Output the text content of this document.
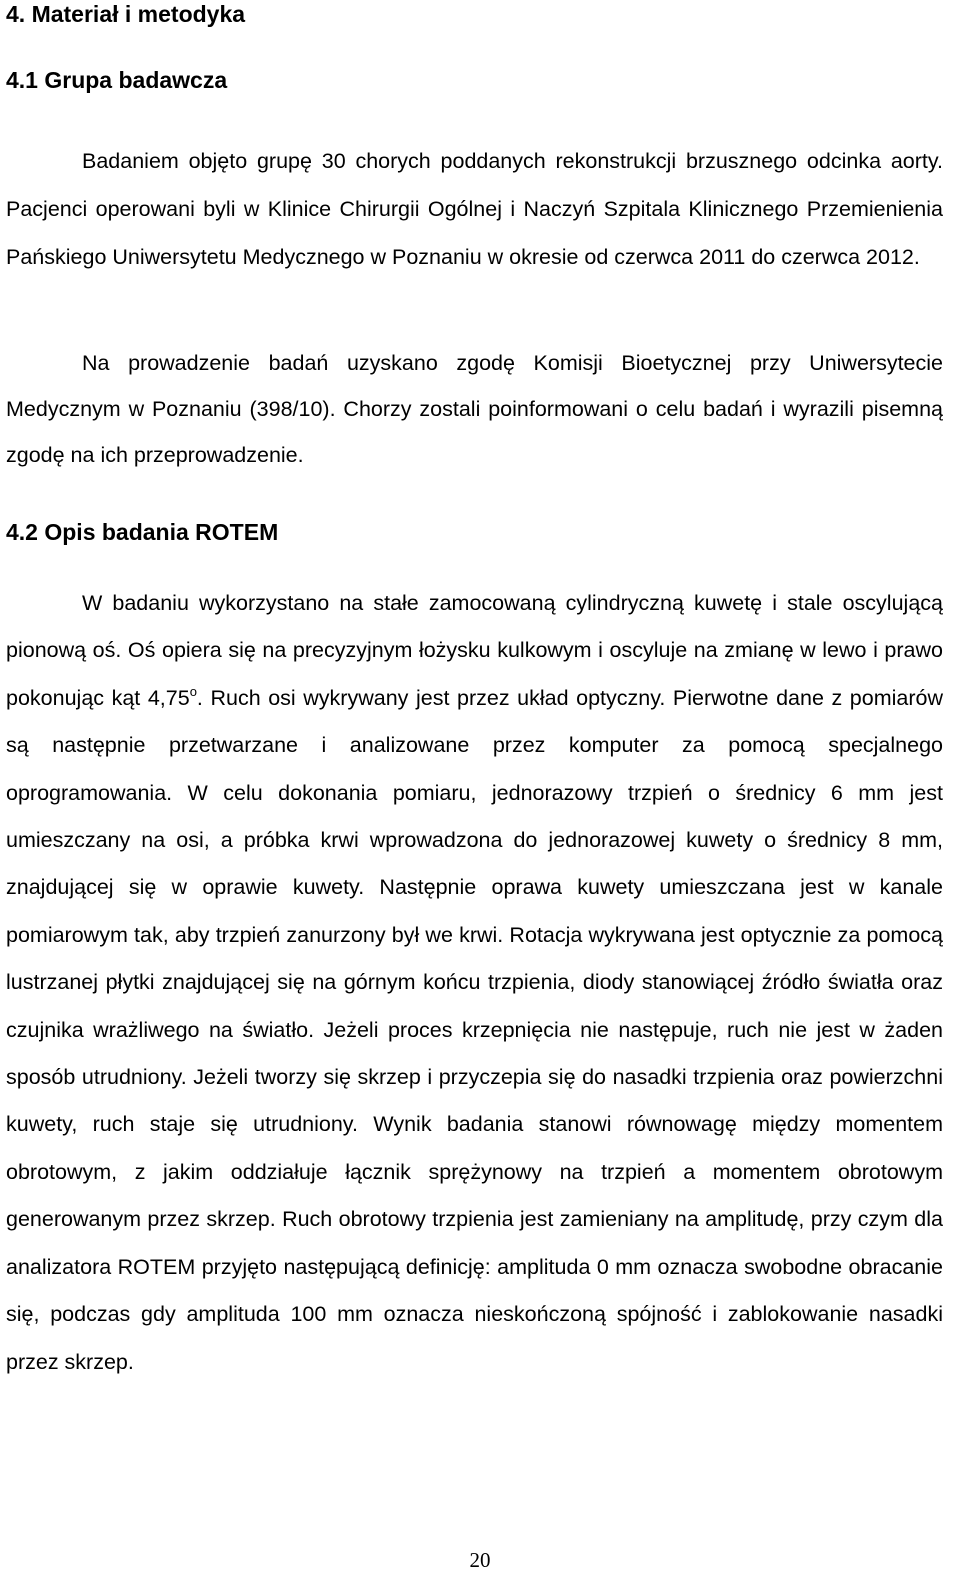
4. Materiał i metodyka
4.1 Grupa badawcza
Badaniem objęto grupę 30 chorych poddanych rekonstrukcji brzusznego odcinka aorty. Pacjenci operowani byli w Klinice Chirurgii Ogólnej i Naczyń Szpitala Klinicznego Przemienienia Pańskiego Uniwersytetu Medycznego w Poznaniu w okresie od czerwca 2011 do czerwca 2012.
Na prowadzenie badań uzyskano zgodę Komisji Bioetycznej przy Uniwersytecie Medycznym w Poznaniu (398/10). Chorzy zostali poinformowani o celu badań i wyrazili pisemną zgodę na ich przeprowadzenie.
4.2 Opis badania ROTEM
W badaniu wykorzystano na stałe zamocowaną cylindryczną kuwetę i stale oscylującą pionową oś. Oś opiera się na precyzyjnym łożysku kulkowym i oscyluje na zmianę w lewo i prawo pokonując kąt 4,75$^o$. Ruch osi wykrywany jest przez układ optyczny. Pierwotne dane z pomiarów są następnie przetwarzane i analizowane przez komputer za pomocą specjalnego oprogramowania. W celu dokonania pomiaru, jednorazowy trzpień o średnicy 6 mm jest umieszczany na osi, a próbka krwi wprowadzona do jednorazowej kuwety o średnicy 8 mm, znajdującej się w oprawie kuwety. Następnie oprawa kuwety umieszczana jest w kanale pomiarowym tak, aby trzpień zanurzony był we krwi. Rotacja wykrywana jest optycznie za pomocą lustrzanej płytki znajdującej się na górnym końcu trzpienia, diody stanowiącej źródło światła oraz czujnika wrażliwego na światło. Jeżeli proces krzepnięcia nie następuje, ruch nie jest w żaden sposób utrudniony. Jeżeli tworzy się skrzep i przyczepia się do nasadki trzpienia oraz powierzchni kuwety, ruch staje się utrudniony. Wynik badania stanowi równowagę między momentem obrotowym, z jakim oddziałuje łącznik sprężynowy na trzpień a momentem obrotowym generowanym przez skrzep. Ruch obrotowy trzpienia jest zamieniany na amplitudę, przy czym dla analizatora ROTEM przyjęto następującą definicję: amplituda 0 mm oznacza swobodne obracanie się, podczas gdy amplituda 100 mm oznacza nieskończoną spójność i zablokowanie nasadki przez skrzep.
20
